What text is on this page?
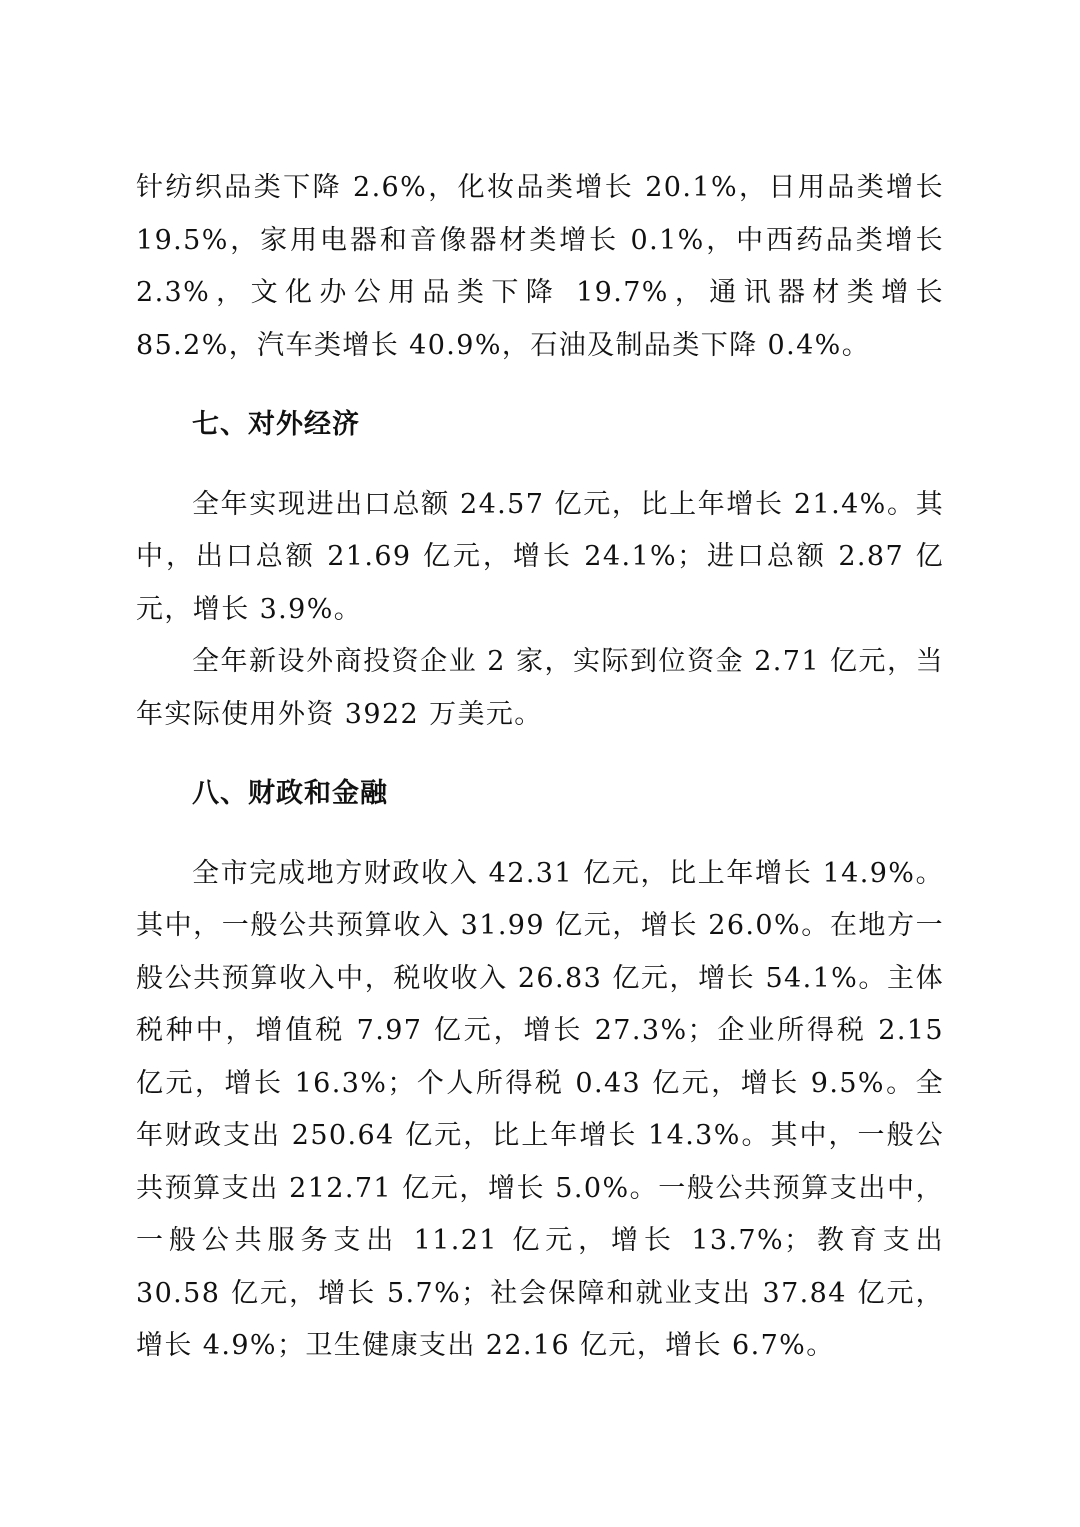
针纺织品类下降 2.6%，化妆品类增长 20.1%，日用品类增长 19.5%，家用电器和音像器材类增长 0.1%，中西药品类增长 2.3%，文化办公用品类下降 19.7%，通讯器材类增长 85.2%，汽车类增长 40.9%，石油及制品类下降 0.4%。

七、对外经济

全年实现进出口总额 24.57 亿元，比上年增长 21.4%。其中，出口总额 21.69 亿元，增长 24.1%；进口总额 2.87 亿元，增长 3.9%。

全年新设外商投资企业 2 家，实际到位资金 2.71 亿元，当年实际使用外资 3922 万美元。

八、财政和金融

全市完成地方财政收入 42.31 亿元，比上年增长 14.9%。其中，一般公共预算收入 31.99 亿元，增长 26.0%。在地方一般公共预算收入中，税收收入 26.83 亿元，增长 54.1%。主体税种中，增值税 7.97 亿元，增长 27.3%；企业所得税 2.15 亿元，增长 16.3%；个人所得税 0.43 亿元，增长 9.5%。全年财政支出 250.64 亿元，比上年增长 14.3%。其中，一般公共预算支出 212.71 亿元，增长 5.0%。一般公共预算支出中，一般公共服务支出 11.21 亿元，增长 13.7%；教育支出 30.58 亿元，增长 5.7%；社会保障和就业支出 37.84 亿元，增长 4.9%；卫生健康支出 22.16 亿元，增长 6.7%。
